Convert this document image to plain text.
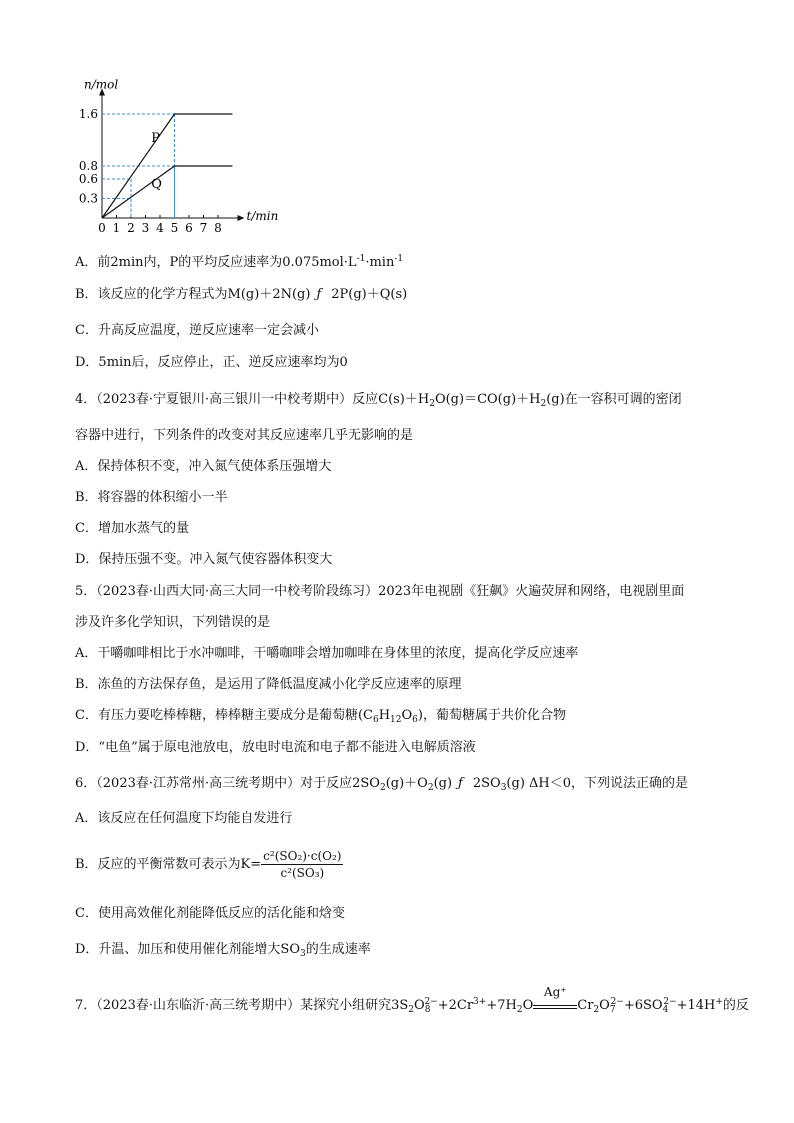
n/mol
t/min
0 1 2 3 4 5 6 7 8
0.3
0.6
0.8
1.6
P
Q
A．前2min内，P的平均反应速率为$0.075mol\cdot L^{-1}\cdot\min^{-1}$
B．该反应的化学方程式为M(g)＋2N(g) ƒ 2P(g)＋Q(s)
C．升高反应温度，逆反应速率一定会减小
D．5min后，反应停止，正、逆反应速率均为0
4．（2023春·宁夏银川·高三银川一中校考期中）反应$C(s)+H_2O(g)=CO(g)+H_2(g)$在一容积可调的密闭
容器中进行，下列条件的改变对其反应速率几乎无影响的是
A．保持体积不变，冲入氮气使体系压强增大
B．将容器的体积缩小一半
C．增加水蒸气的量
D．保持压强不变。冲入氮气使容器体积变大
5．（2023春·山西大同·高三大同一中校考阶段练习）2023年电视剧《狂飙》火遍荧屏和网络，电视剧里面
涉及许多化学知识，下列错误的是
A．干嚼咖啡相比于水冲咖啡，干嚼咖啡会增加咖啡在身体里的浓度，提高化学反应速率
B．冻鱼的方法保存鱼，是运用了降低温度减小化学反应速率的原理
C．有压力要吃棒棒糖，棒棒糖主要成分是葡萄糖$(C_6H_{12}O_6)$，葡萄糖属于共价化合物
D．“电鱼”属于原电池放电，放电时电流和电子都不能进入电解质溶液
6．（2023春·江苏常州·高三统考期中）对于反应$2SO_2(g)+O_2(g)$ ƒ $2SO_3(g)$ ΔH＜0，下列说法正确的是
A．该反应在任何温度下均能自发进行
B．反应的平衡常数可表示为$K= \frac{\text{c²(SO₂)·c(O₂)}}{\text{c²(SO₃)}}$
C．使用高效催化剂能降低反应的活化能和焓变
D．升温、加压和使用催化剂能增大$SO_3$的生成速率
7．（2023春·山东临沂·高三统考期中）某探究小组研究$3S_2O_8^{2-}+2Cr^{3+}+7H_2O$
Ag⁺
$Cr_2O_7^{2-}+6SO_4^{2-}+14H^+$的反
